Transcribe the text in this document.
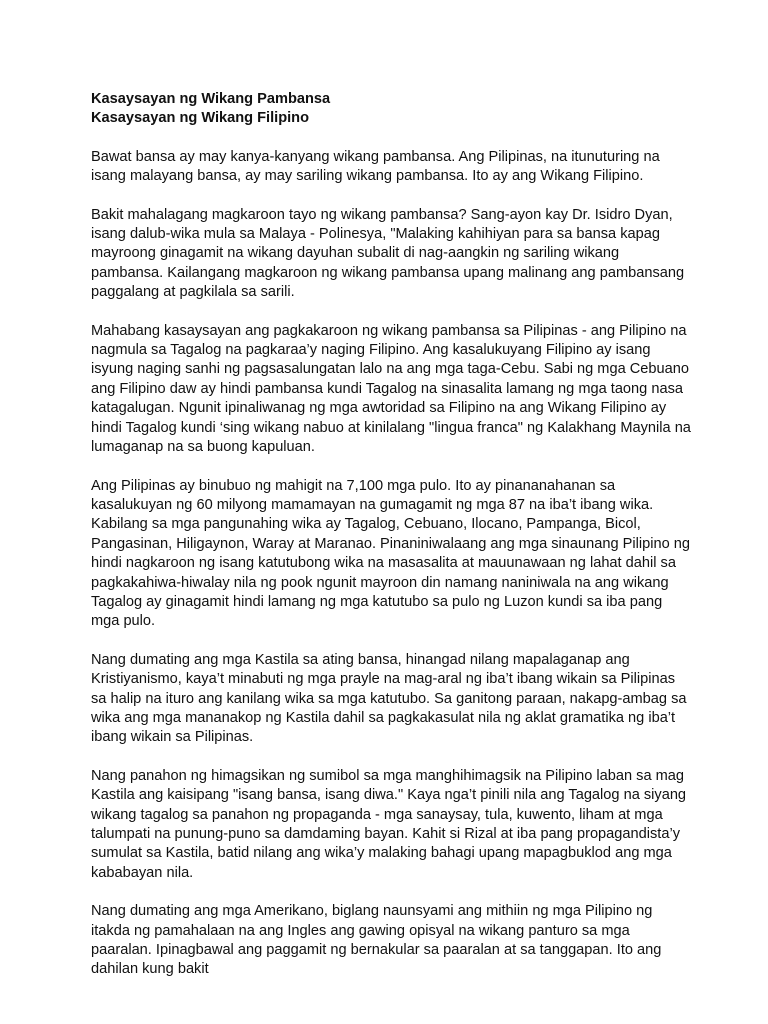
Kasaysayan ng Wikang Pambansa
Kasaysayan ng Wikang Filipino

Bawat bansa ay may kanya-kanyang wikang pambansa. Ang Pilipinas, na itunuturing na isang malayang bansa, ay may sariling wikang pambansa. Ito ay ang Wikang Filipino.

Bakit mahalagang magkaroon tayo ng wikang pambansa? Sang-ayon kay Dr. Isidro Dyan, isang dalub-wika mula sa Malaya - Polinesya, "Malaking kahihiyan para sa bansa kapag mayroong ginagamit na wikang dayuhan subalit di nag-aangkin ng sariling wikang pambansa. Kailangang magkaroon ng wikang pambansa upang malinang ang pambansang paggalang at pagkilala sa sarili.

Mahabang kasaysayan ang pagkakaroon ng wikang pambansa sa Pilipinas - ang Pilipino na nagmula sa Tagalog na pagkaraa’y naging Filipino. Ang kasalukuyang Filipino ay isang isyung naging sanhi ng pagsasalungatan lalo na ang mga taga-Cebu. Sabi ng mga Cebuano ang Filipino daw ay hindi pambansa kundi Tagalog na sinasalita lamang ng mga taong nasa katagalugan. Ngunit ipinaliwanag ng mga awtoridad sa Filipino na ang Wikang Filipino ay hindi Tagalog kundi ‘sing wikang nabuo at kinilalang "lingua franca" ng Kalakhang Maynila na lumaganap na sa buong kapuluan.

Ang Pilipinas ay binubuo ng mahigit na 7,100 mga pulo. Ito ay pinananahanan sa kasalukuyan ng 60 milyong mamamayan na gumagamit ng mga 87 na iba’t ibang wika. Kabilang sa mga pangunahing wika ay Tagalog, Cebuano, Ilocano, Pampanga, Bicol, Pangasinan, Hiligaynon, Waray at Maranao. Pinaniniwalaang ang mga sinaunang Pilipino ng hindi nagkaroon ng isang katutubong wika na masasalita at mauunawaan ng lahat dahil sa pagkakahiwa-hiwalay nila ng pook ngunit mayroon din namang naniniwala na ang wikang Tagalog ay ginagamit hindi lamang ng mga katutubo sa pulo ng Luzon kundi sa iba pang mga pulo.

Nang dumating ang mga Kastila sa ating bansa, hinangad nilang mapalaganap ang Kristiyanismo, kaya’t minabuti ng mga prayle na mag-aral ng iba’t ibang wikain sa Pilipinas sa halip na ituro ang kanilang wika sa mga katutubo. Sa ganitong paraan, nakapg-ambag sa wika ang mga mananakop ng Kastila dahil sa pagkakasulat nila ng aklat gramatika ng iba’t ibang wikain sa Pilipinas.

Nang panahon ng himagsikan ng sumibol sa mga manghihimagsik na Pilipino laban sa mag Kastila ang kaisipang "isang bansa, isang diwa." Kaya nga’t pinili nila ang Tagalog na siyang wikang tagalog sa panahon ng propaganda - mga sanaysay, tula, kuwento, liham at mga talumpati na punung-puno sa damdaming bayan. Kahit si Rizal at iba pang propagandista’y sumulat sa Kastila, batid nilang ang wika’y malaking bahagi upang mapagbuklod ang mga kababayan nila.

Nang dumating ang mga Amerikano, biglang naunsyami ang mithiin ng mga Pilipino ng itakda ng pamahalaan na ang Ingles ang gawing opisyal na wikang panturo sa mga paaralan. Ipinagbawal ang paggamit ng bernakular sa paaralan at sa tanggapan. Ito ang dahilan kung bakit
